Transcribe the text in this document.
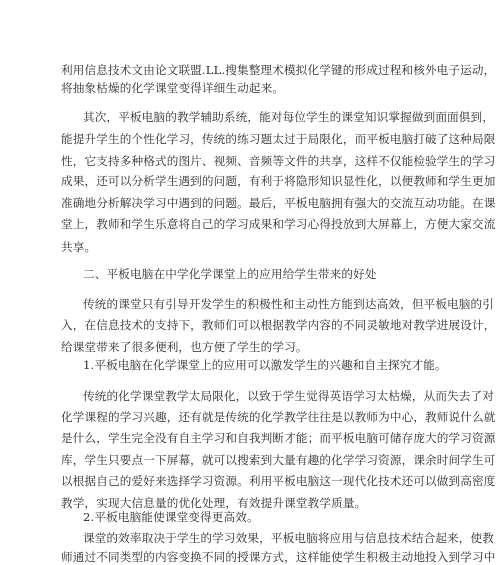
利用信息技术文由论文联盟.LL.搜集整理术模拟化学键的形成过程和核外电子运动，
将抽象枯燥的化学课堂变得详细生动起来。
其次，平板电脑的教学辅助系统，能对每位学生的课堂知识掌握做到面面俱到，
能提升学生的个性化学习，传统的练习题太过于局限化，而平板电脑打破了这种局限
性，它支持多种格式的图片、视频、音频等文件的共享，这样不仅能检验学生的学习
成果，还可以分析学生遇到的问题，有利于将隐形知识显性化，以便教师和学生更加
准确地分析解决学习中遇到的问题。最后，平板电脑拥有强大的交流互动功能。在课
堂上，教师和学生乐意将自己的学习成果和学习心得投放到大屏幕上，方便大家交流
共享。
二、平板电脑在中学化学课堂上的应用给学生带来的好处
传统的课堂只有引导开发学生的积极性和主动性方能到达高效，但平板电脑的引
入，在信息技术的支持下，教师们可以根据教学内容的不同灵敏地对教学进展设计，
给课堂带来了很多便利，也方便了学生的学习。
1.平板电脑在化学课堂上的应用可以激发学生的兴趣和自主探究才能。
传统的化学课堂教学太局限化，以致于学生觉得英语学习太枯燥，从而失去了对
化学课程的学习兴趣，还有就是传统的化学教学往往是以教师为中心，教师说什么就
是什么，学生完全没有自主学习和自我判断才能；而平板电脑可储存庞大的学习资源
库，学生只要点一下屏幕，就可以搜索到大量有趣的化学学习资源，课余时间学生可
以根据自己的爱好来选择学习资源。利用平板电脑这一现代化技术还可以做到高密度
教学，实现大信息量的优化处理，有效提升课堂教学质量。
2.平板电脑能使课堂变得更高效。
课堂的效率取决于学生的学习效果，平板电脑将应用与信息技术结合起来，使教
师通过不同类型的内容变换不同的授课方式，这样能使学生积极主动地投入到学习中
